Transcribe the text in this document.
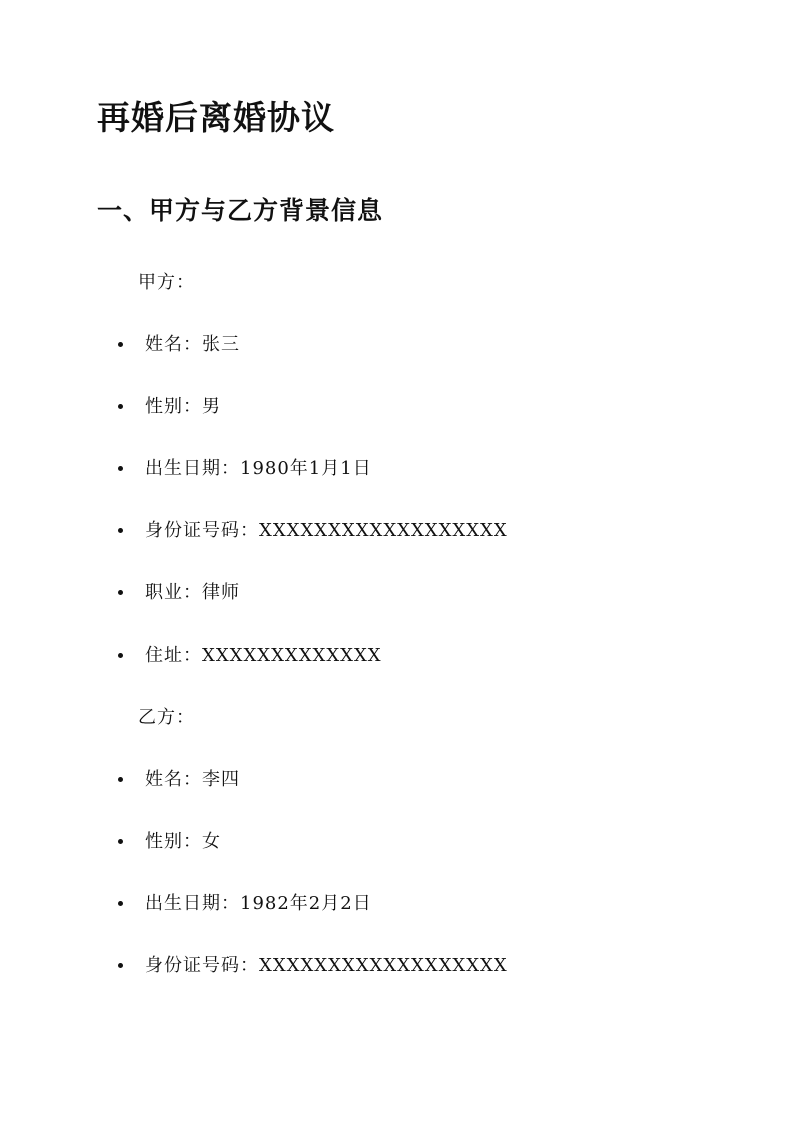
再婚后离婚协议
一、甲方与乙方背景信息
甲方：
姓名：张三
性别：男
出生日期：1980年1月1日
身份证号码：XXXXXXXXXXXXXXXXXX
职业：律师
住址：XXXXXXXXXXXXX
乙方：
姓名：李四
性别：女
出生日期：1982年2月2日
身份证号码：XXXXXXXXXXXXXXXXXX
